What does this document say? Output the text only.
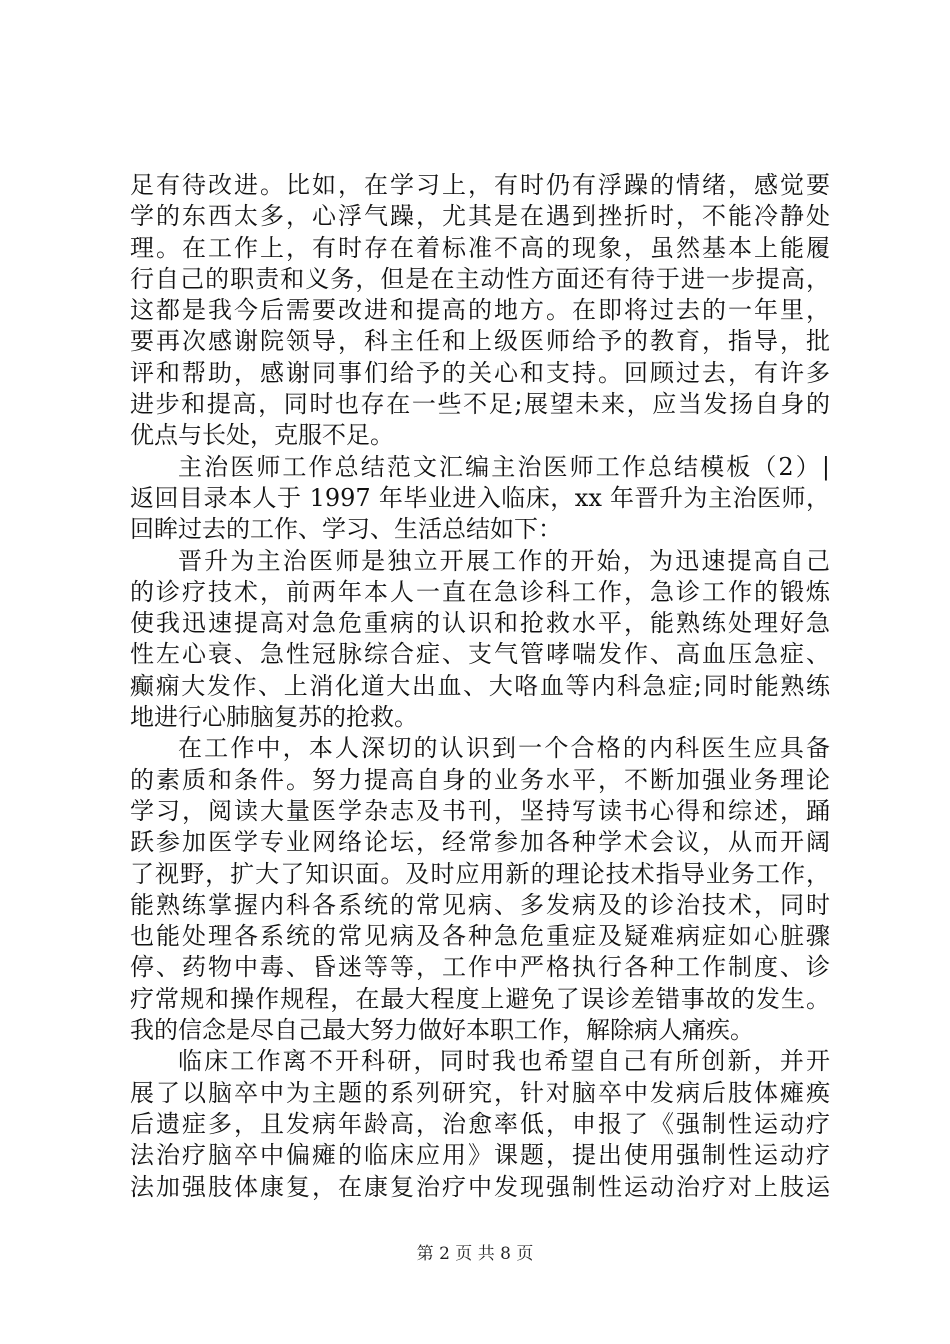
足有待改进。比如，在学习上，有时仍有浮躁的情绪，感觉要
学的东西太多，心浮气躁，尤其是在遇到挫折时，不能冷静处
理。在工作上，有时存在着标准不高的现象，虽然基本上能履
行自己的职责和义务，但是在主动性方面还有待于进一步提高，
这都是我今后需要改进和提高的地方。在即将过去的一年里，
要再次感谢院领导，科主任和上级医师给予的教育，指导，批
评和帮助，感谢同事们给予的关心和支持。回顾过去，有许多
进步和提高，同时也存在一些不足;展望未来，应当发扬自身的
优点与长处，克服不足。
主治医师工作总结范文汇编主治医师工作总结模板（2）|
返回目录本人于 1997 年毕业进入临床，xx 年晋升为主治医师，
回眸过去的工作、学习、生活总结如下：
晋升为主治医师是独立开展工作的开始，为迅速提高自己
的诊疗技术，前两年本人一直在急诊科工作，急诊工作的锻炼
使我迅速提高对急危重病的认识和抢救水平，能熟练处理好急
性左心衰、急性冠脉综合症、支气管哮喘发作、高血压急症、
癫痫大发作、上消化道大出血、大咯血等内科急症;同时能熟练
地进行心肺脑复苏的抢救。
在工作中，本人深切的认识到一个合格的内科医生应具备
的素质和条件。努力提高自身的业务水平，不断加强业务理论
学习，阅读大量医学杂志及书刊，坚持写读书心得和综述，踊
跃参加医学专业网络论坛，经常参加各种学术会议，从而开阔
了视野，扩大了知识面。及时应用新的理论技术指导业务工作，
能熟练掌握内科各系统的常见病、多发病及的诊治技术，同时
也能处理各系统的常见病及各种急危重症及疑难病症如心脏骤
停、药物中毒、昏迷等等，工作中严格执行各种工作制度、诊
疗常规和操作规程，在最大程度上避免了误诊差错事故的发生。
我的信念是尽自己最大努力做好本职工作，解除病人痛疾。
临床工作离不开科研，同时我也希望自己有所创新，并开
展了以脑卒中为主题的系列研究，针对脑卒中发病后肢体瘫痪
后遗症多，且发病年龄高，治愈率低，申报了《强制性运动疗
法治疗脑卒中偏瘫的临床应用》课题，提出使用强制性运动疗
法加强肢体康复，在康复治疗中发现强制性运动治疗对上肢运
第 2 页 共 8 页
